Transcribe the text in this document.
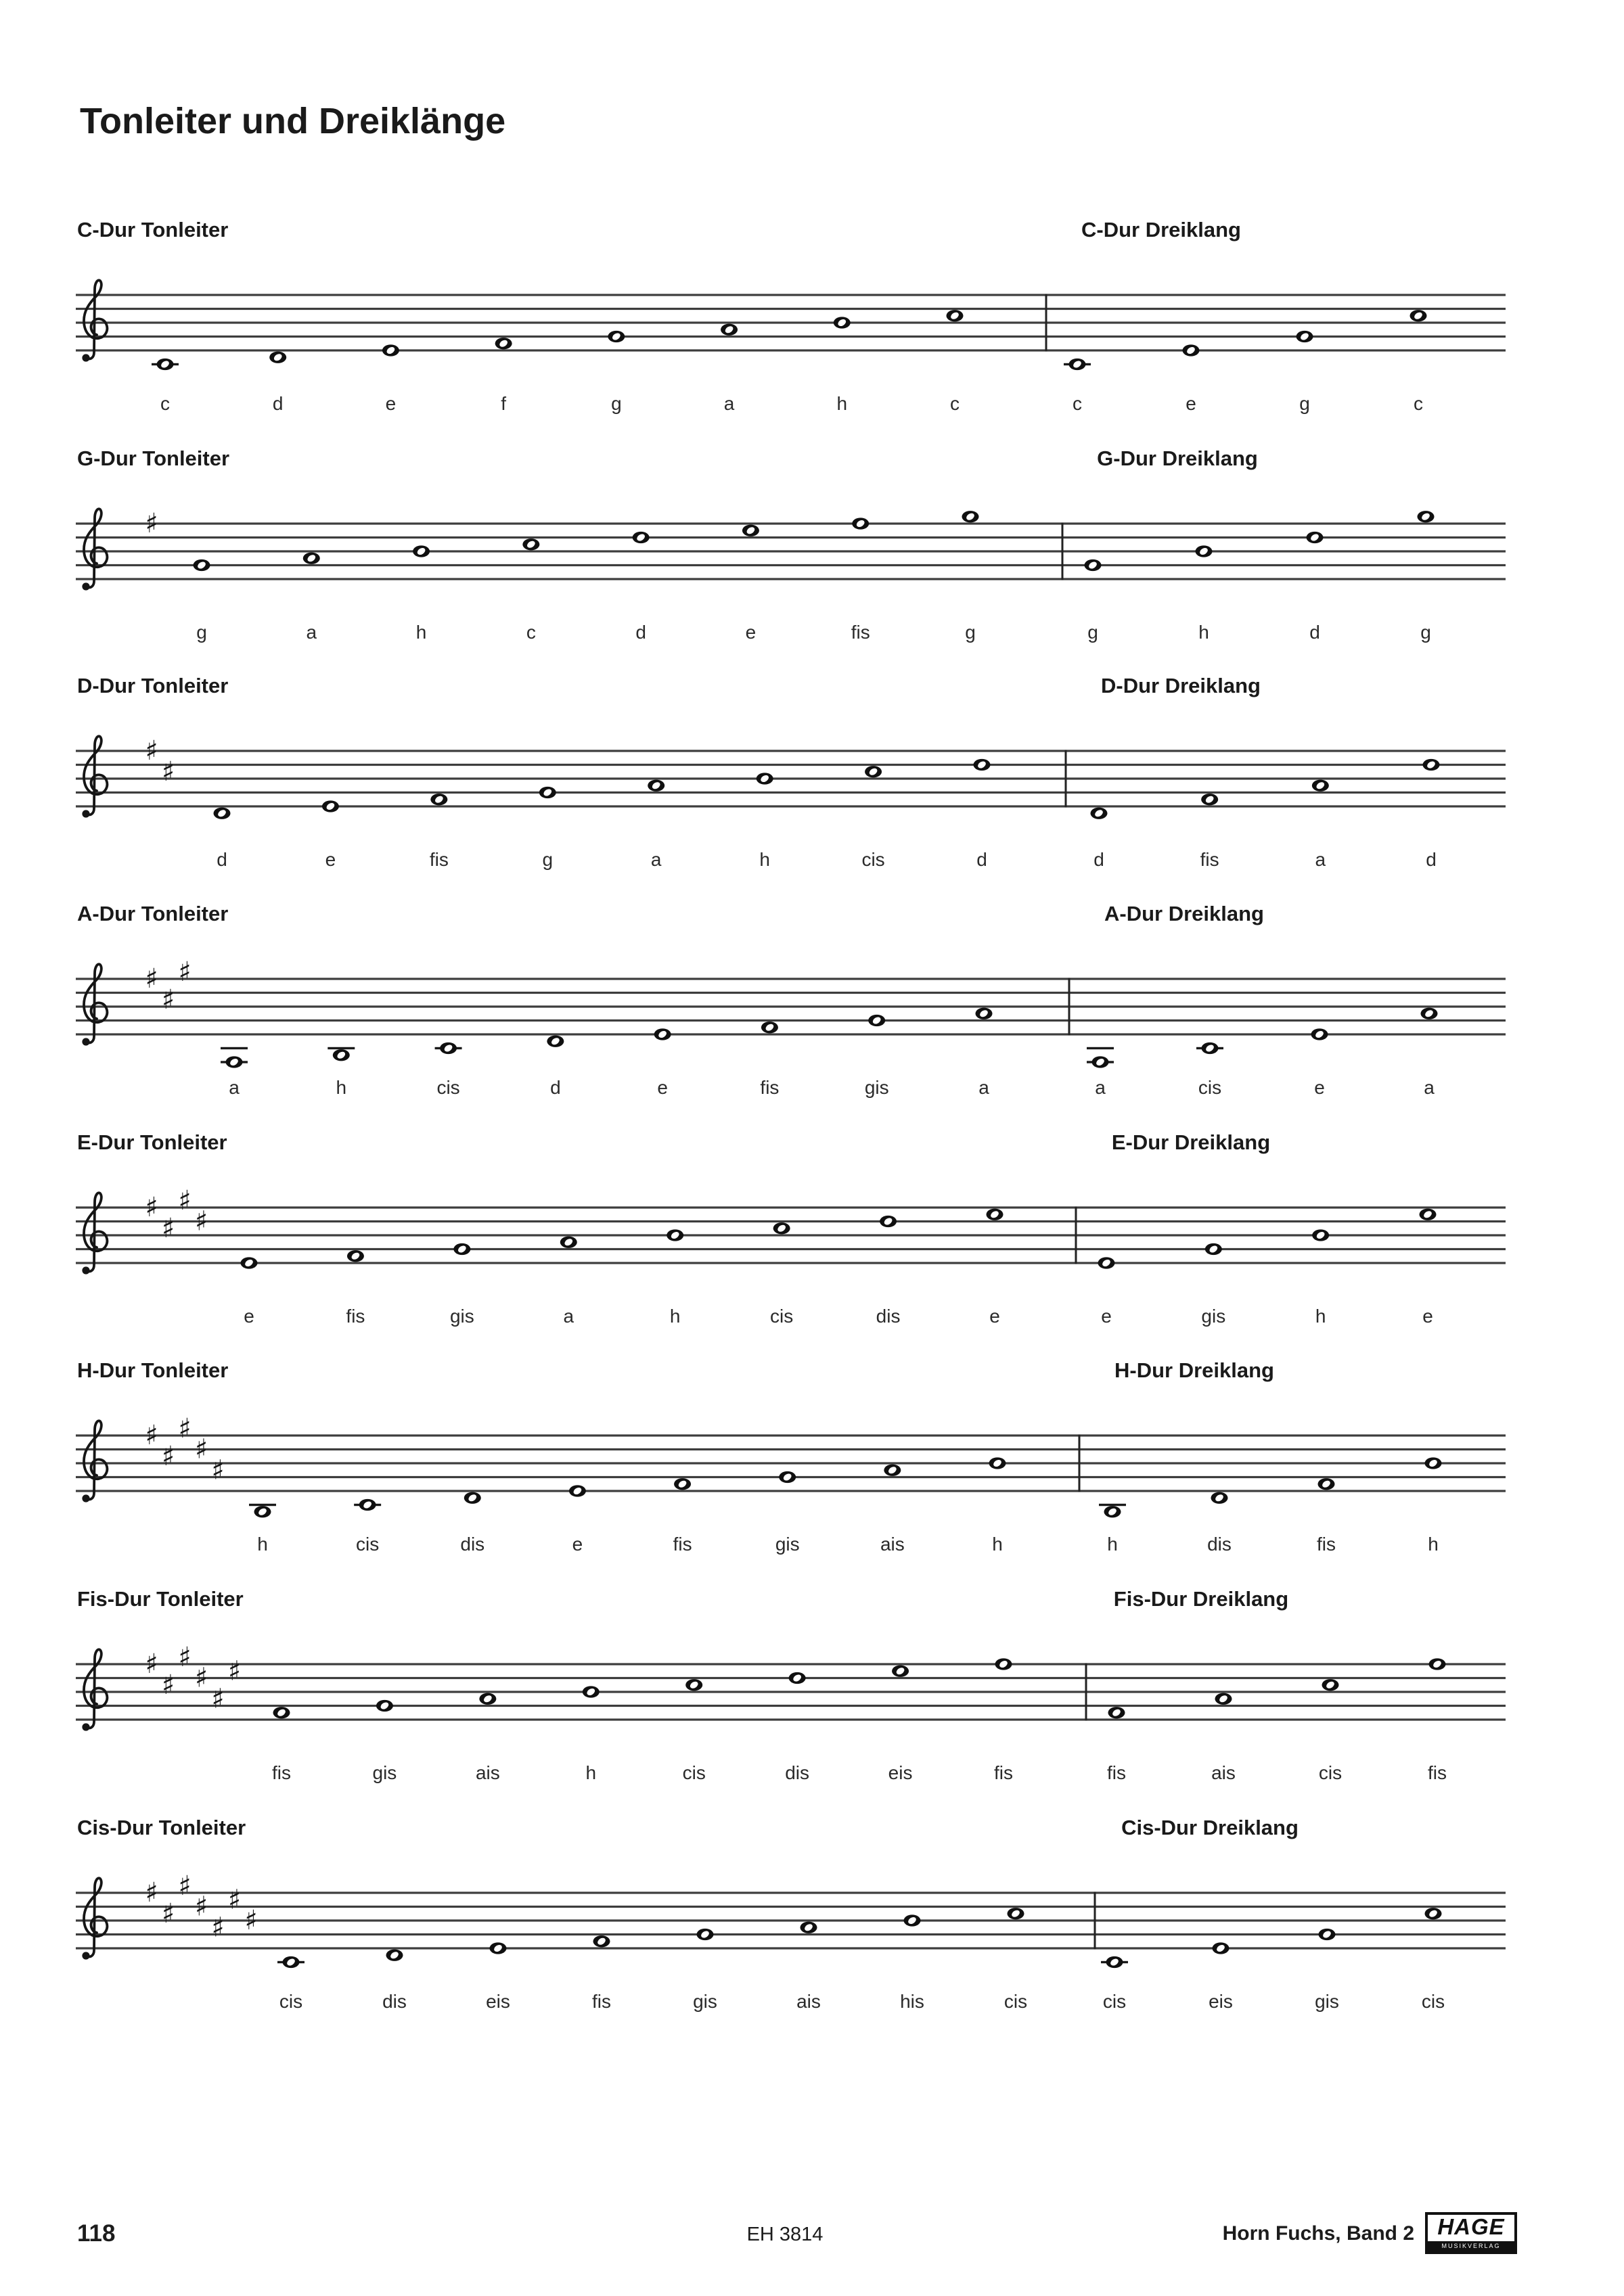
Tonleiter und Dreiklänge
C-Dur Tonleiter	C-Dur Dreiklang
c	d	e	f	g	a	h	c	c	e	g	c
G-Dur Tonleiter	G-Dur Dreiklang
♯
g	a	h	c	d	e	fis	g	g	h	d	g
D-Dur Tonleiter	D-Dur Dreiklang
♯
♯
d	e	fis	g	a	h	cis	d	d	fis	a	d
A-Dur Tonleiter	A-Dur Dreiklang
♯
♯
♯
a	h	cis	d	e	fis	gis	a	a	cis	e	a
E-Dur Tonleiter	E-Dur Dreiklang
♯
♯
♯
♯
e	fis	gis	a	h	cis	dis	e	e	gis	h	e
H-Dur Tonleiter	H-Dur Dreiklang
♯
♯
♯
♯
♯
h	cis	dis	e	fis	gis	ais	h	h	dis	fis	h
Fis-Dur Tonleiter	Fis-Dur Dreiklang
♯
♯
♯
♯
♯
♯
fis	gis	ais	h	cis	dis	eis	fis	fis	ais	cis	fis
Cis-Dur Tonleiter	Cis-Dur Dreiklang
♯
♯
♯
♯
♯
♯
♯
cis	dis	eis	fis	gis	ais	his	cis	cis	eis	gis	cis
118	EH 3814	Horn Fuchs, Band 2	HAGE
MUSIKVERLAG
